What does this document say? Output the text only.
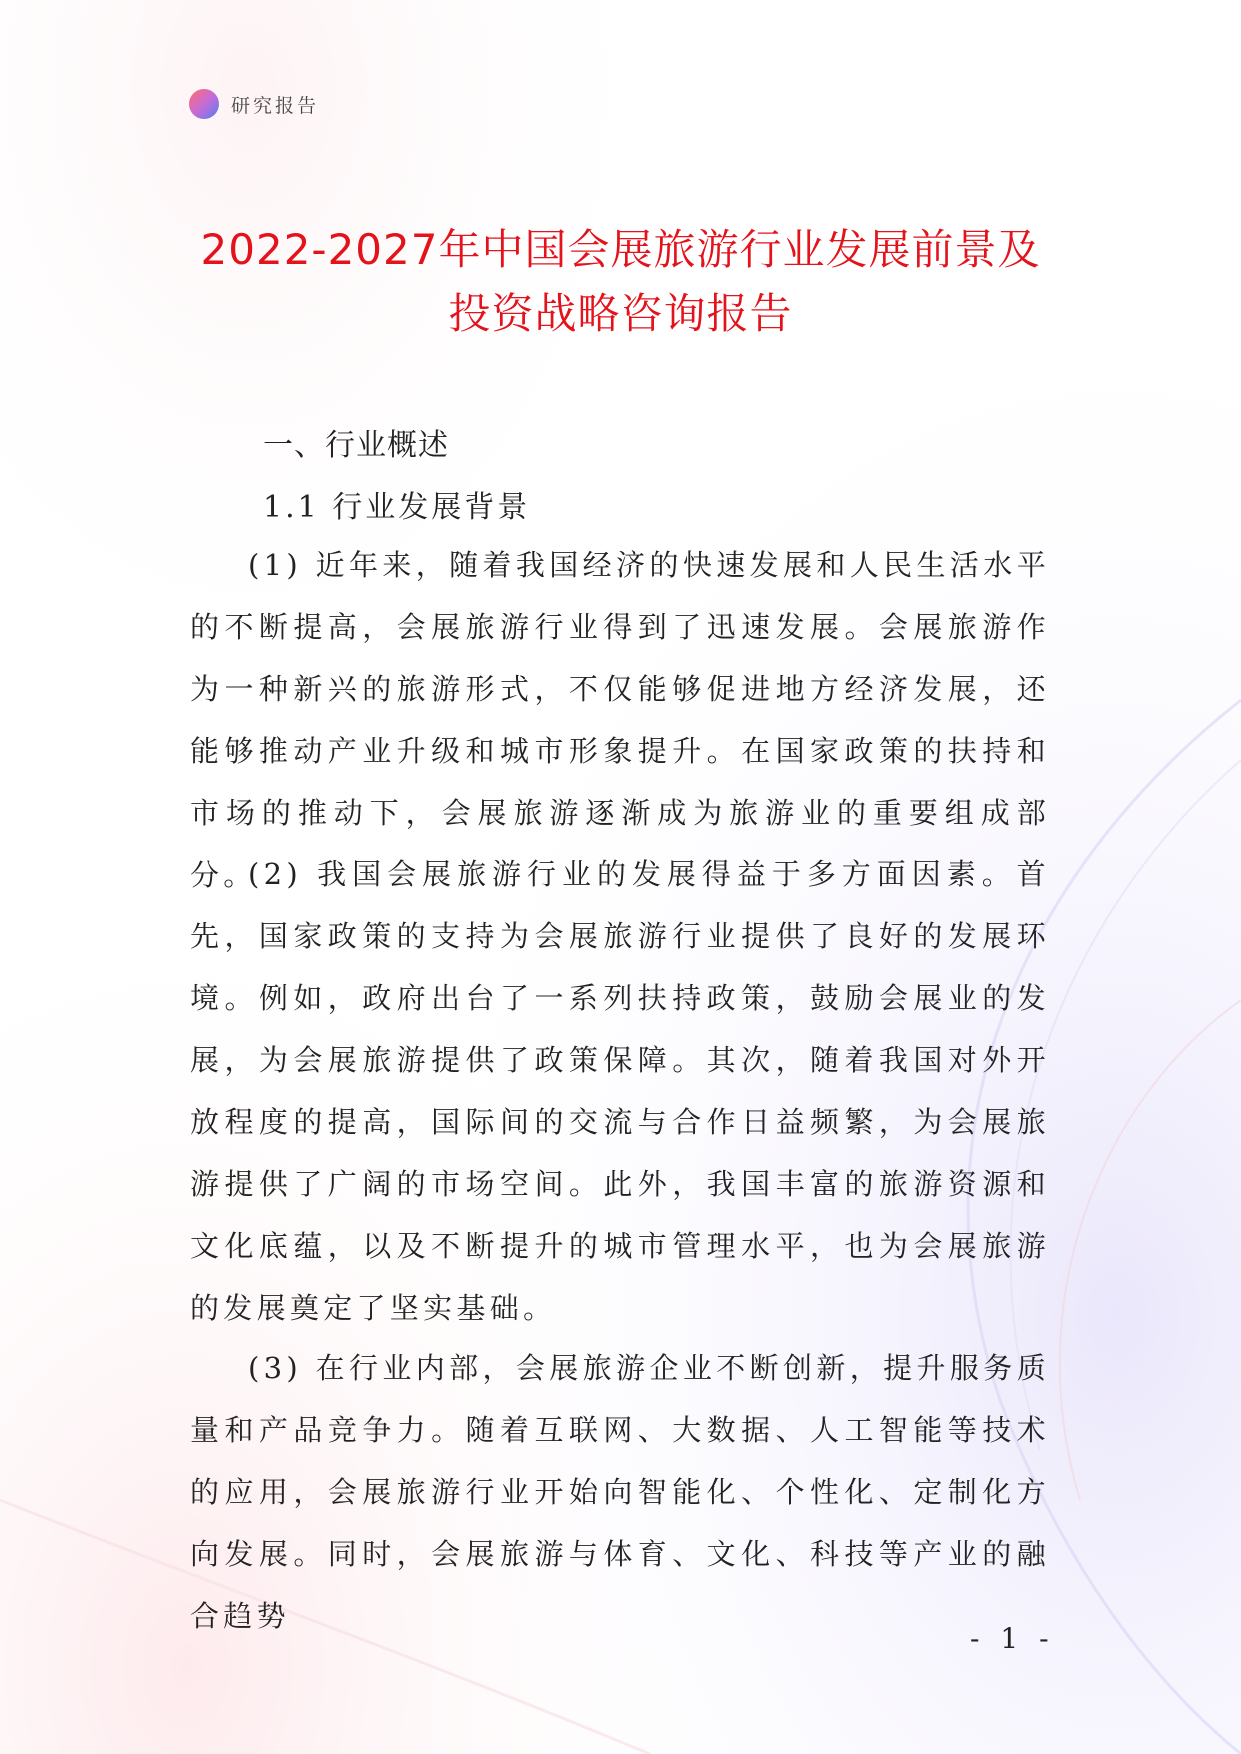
研究报告
2022-2027年中国会展旅游行业发展前景及
投资战略咨询报告
一、行业概述
1.1 行业发展背景

(1) 近年来，随着我国经济的快速发展和人民生活水平的不断提高，会展旅游行业得到了迅速发展。会展旅游作为一种新兴的旅游形式，不仅能够促进地方经济发展，还能够推动产业升级和城市形象提升。在国家政策的扶持和市场的推动下，会展旅游逐渐成为旅游业的重要组成部分。

(2) 我国会展旅游行业的发展得益于多方面因素。首先，国家政策的支持为会展旅游行业提供了良好的发展环境。例如，政府出台了一系列扶持政策，鼓励会展业的发展，为会展旅游提供了政策保障。其次，随着我国对外开放程度的提高，国际间的交流与合作日益频繁，为会展旅游提供了广阔的市场空间。此外，我国丰富的旅游资源和文化底蕴，以及不断提升的城市管理水平，也为会展旅游的发展奠定了坚实基础。

(3) 在行业内部，会展旅游企业不断创新，提升服务质量和产品竞争力。随着互联网、大数据、人工智能等技术的应用，会展旅游行业开始向智能化、个性化、定制化方向发展。同时，会展旅游与体育、文化、科技等产业的融合趋势

- 1 -
